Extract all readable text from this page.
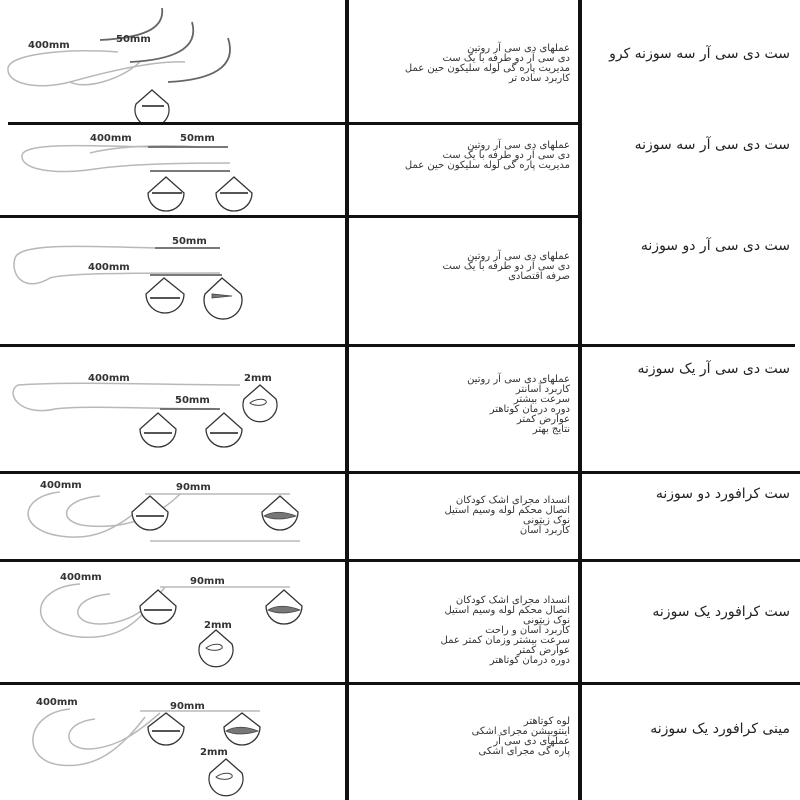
400mm
50mm
عملهای دی سی آر روتین
دی سی آر دو طرفه با یک ست
مدیریت پاره گی لوله سلیکون حین عمل
کاربرد ساده تر
ست دی سی آر سه سوزنه کرو
400mm	50mm
عملهای دی سی آر روتین
دی سی آر دو طرفه با یک ست
مدیریت پاره گی لوله سلیکون حین عمل
ست دی سی آر سه سوزنه
50mm
400mm
عملهای دی سی آر روتین
دی سی آر دو طرفه با یک ست
صرفه اقتصادی
ست دی سی آر دو سوزنه
400mm	2mm
50mm
عملهای دی سی آر روتین
کاربرد آسانتر
سرعت بیشتر
دوره درمان کوتاهتر
عوارض کمتر
نتایج بهتر
ست دی سی آر یک سوزنه
400mm	90mm
انسداد مجرای اشک کودکان
اتصال محکم لوله وسیم استیل
نوک زیتونی
کاربرد آسان
ست کرافورد دو سوزنه
400mm	90mm
2mm
انسداد مجرای اشک کودکان
اتصال محکم لوله وسیم استیل
نوک زیتونی
کاربرد آسان و راحت
سرعت بیشتر وزمان کمتر عمل
عوارض کمتر
دوره درمان کوتاهتر
ست کرافورد یک سوزنه
400mm	90mm
2mm
لوه کوتاهتر
اینتوبیشن مجرای اشکی
عملهای دی سی آر
پاره گی مجرای اشکی
مینی کرافورد یک سوزنه
